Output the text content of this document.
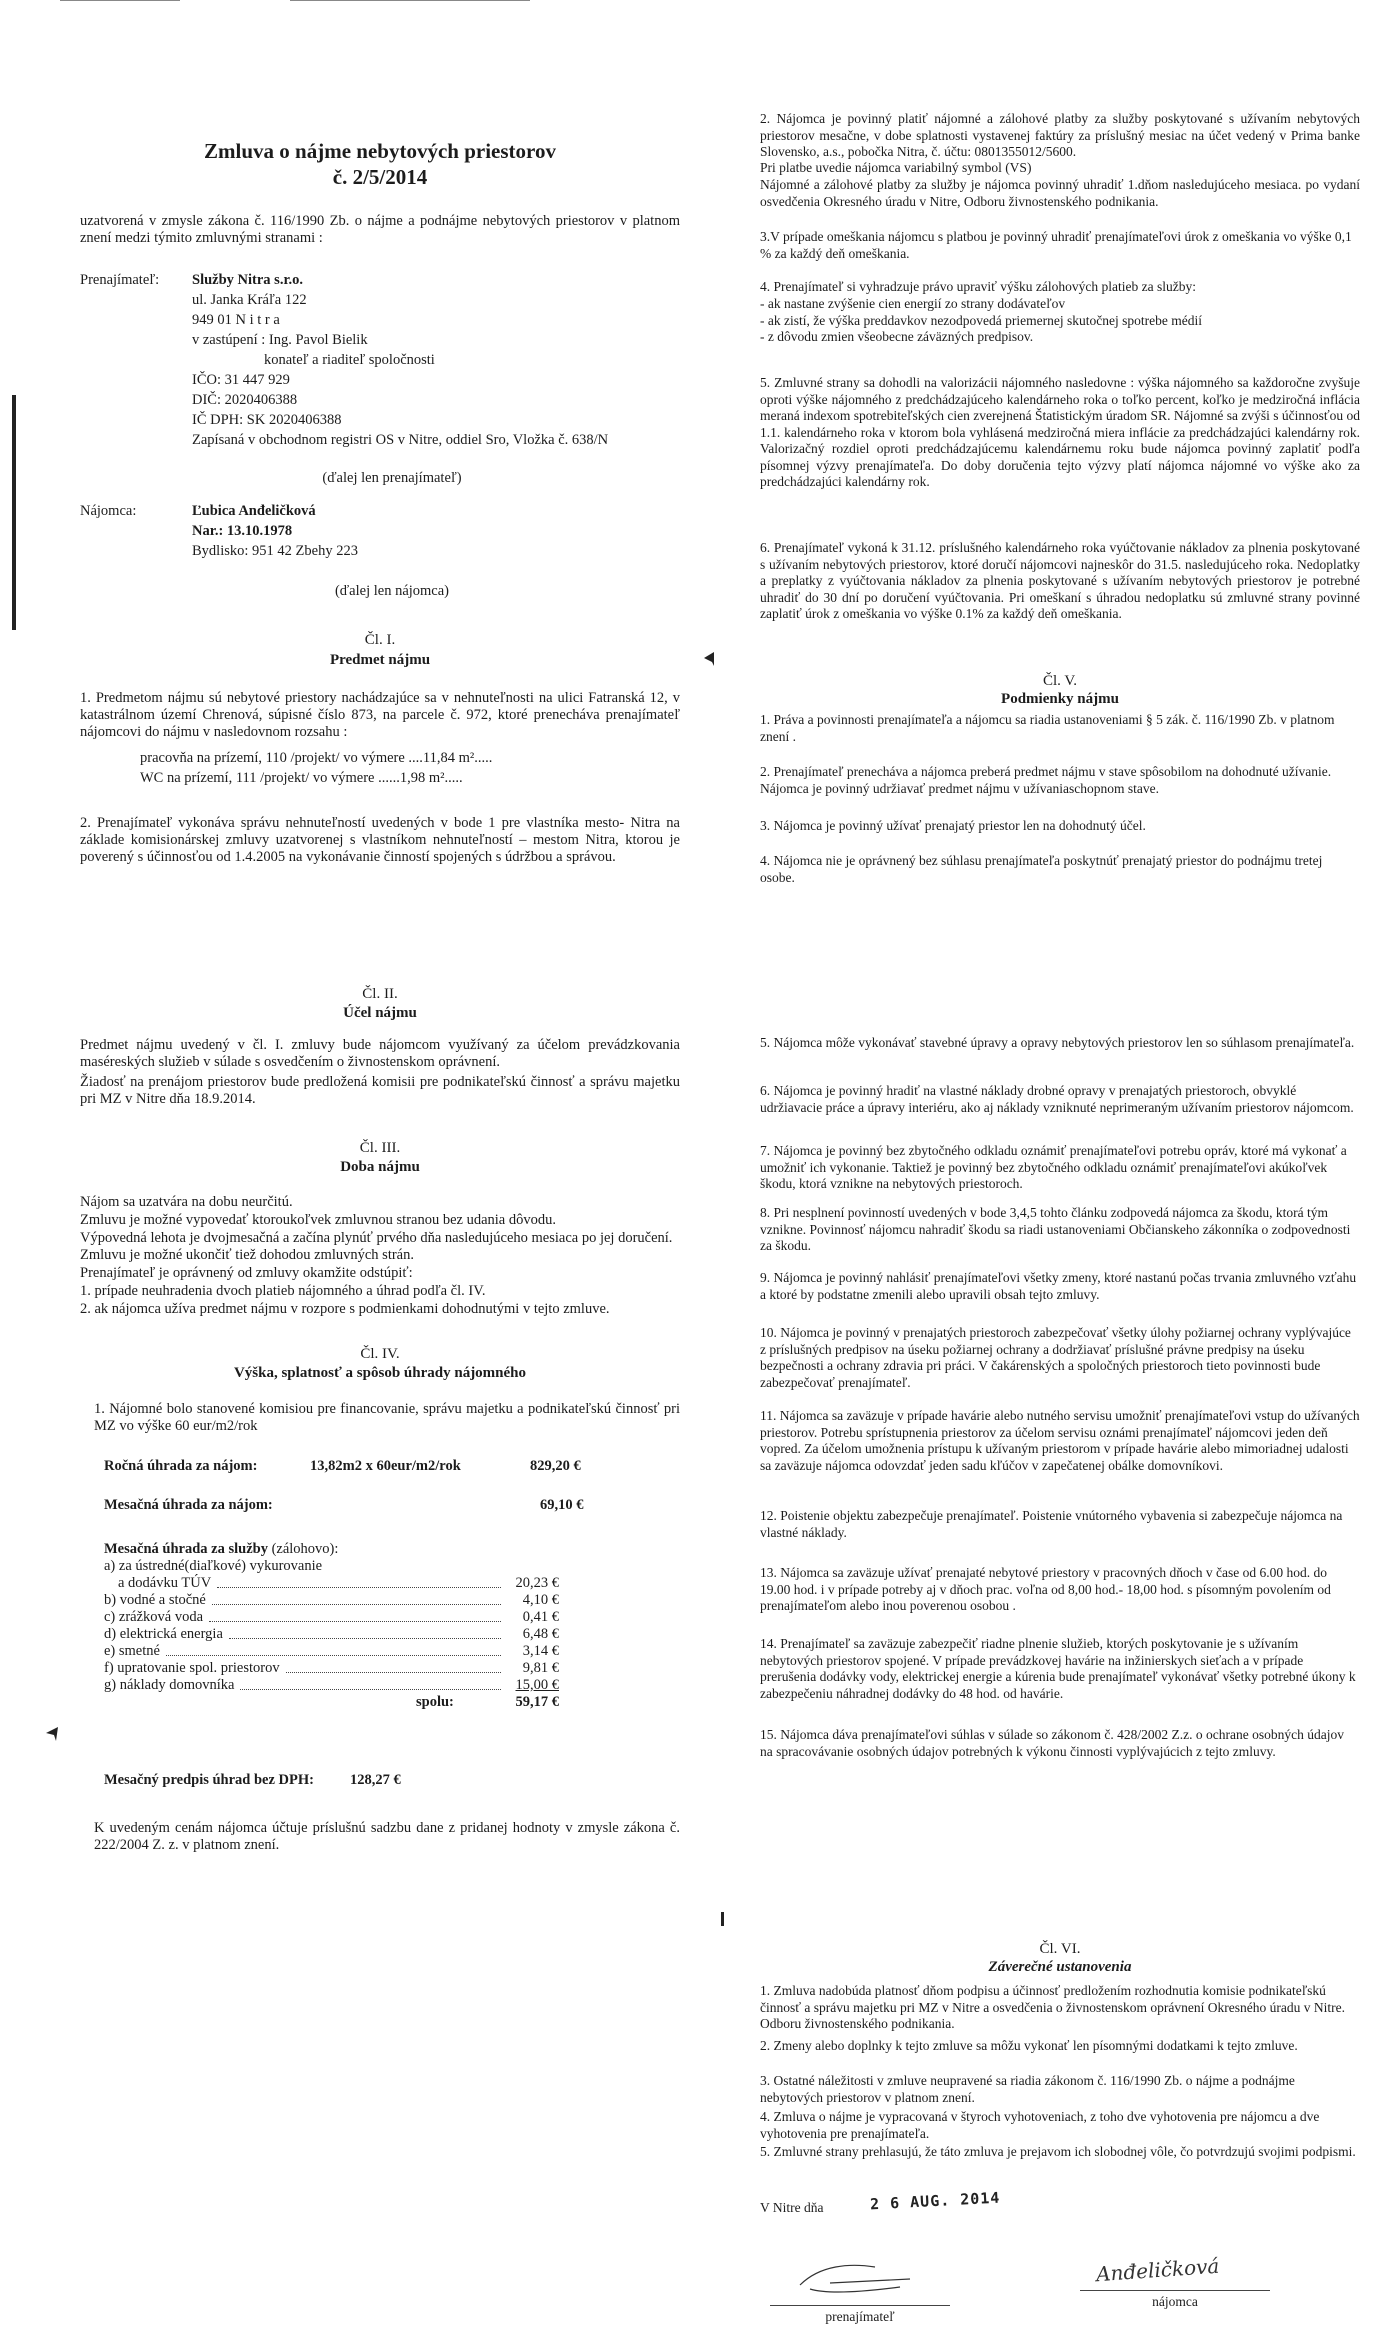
Zmluva o nájme nebytových priestorov

č. 2/5/2014

uzatvorená v zmysle zákona č. 116/1990 Zb. o nájme a podnájme nebytových priestorov v platnom znení medzi týmito zmluvnými stranami :

Prenajímateľ: Služby Nitra s.r.o.

ul. Janka Kráľa 122

949 01 N i t r a

v zastúpení : Ing. Pavol Bielik

konateľ a riaditeľ spoločnosti

IČO: 31 447 929

DIČ: 2020406388

IČ DPH: SK 2020406388

Zapísaná v obchodnom registri OS v Nitre, oddiel Sro, Vložka č. 638/N

(ďalej len prenajímateľ)

Nájomca:	Ľubica Anđeličková

Nar.: 13.10.1978

Bydlisko: 951 42 Zbehy 223

(ďalej len nájomca)

Čl. I.

Predmet nájmu

1. Predmetom nájmu sú nebytové priestory nachádzajúce sa v nehnuteľnosti na ulici Fatranská 12, v katastrálnom území Chrenová, súpisné číslo 873, na parcele č. 972, ktoré prenecháva prenajímateľ nájomcovi do nájmu v nasledovnom rozsahu :

pracovňa na prízemí, 110 /projekt/ vo výmere ....11,84 m².....

WC na prízemí, 111 /projekt/ vo výmere ......1,98 m².....

2. Prenajímateľ vykonáva správu nehnuteľností uvedených v bode 1 pre vlastníka mesto- Nitra na základe komisionárskej zmluvy uzatvorenej s vlastníkom nehnuteľností – mestom Nitra, ktorou je poverený s účinnosťou od 1.4.2005 na vykonávanie činností spojených s údržbou a správou.

Čl. II.

Účel nájmu

Predmet nájmu uvedený v čl. I. zmluvy bude nájomcom využívaný za účelom prevádzkovania maséreských služieb v súlade s osvedčením o živnostenskom oprávnení.

Žiadosť na prenájom priestorov bude predložená komisii pre podnikateľskú činnosť a správu majetku pri MZ v Nitre dňa 18.9.2014.

Čl. III.

Doba nájmu

Nájom sa uzatvára na dobu neurčitú.

Zmluvu je možné vypovedať ktoroukoľvek zmluvnou stranou bez udania dôvodu.

Výpovedná lehota je dvojmesačná a začína plynúť prvého dňa nasledujúceho mesiaca po jej doručení. Zmluvu je možné ukončiť tiež dohodou zmluvných strán.

Prenajímateľ je oprávnený od zmluvy okamžite odstúpiť:

1. prípade neuhradenia dvoch platieb nájomného a úhrad podľa čl. IV.

2. ak nájomca užíva predmet nájmu v rozpore s podmienkami dohodnutými v tejto zmluve.

Čl. IV.

Výška, splatnosť a spôsob úhrady nájomného

1. Nájomné bolo stanovené komisiou pre financovanie, správu majetku a podnikateľskú činnosť pri MZ vo výške 60 eur/m2/rok

Ročná úhrada za nájom:	13,82m2 x 60eur/m2/rok	829,20 €
Mesačná úhrada za nájom:	69,10 €

Mesačná úhrada za služby (zálohovo):

a) za ústredné(diaľkové) vykurovanie

a dodávku TÚV	20,23 €
b) vodné a stočné	4,10 €
c) zrážková voda	0,41 €
d) elektrická energia	6,48 €
e) smetné	3,14 €
f) upratovanie spol. priestorov	9,81 €
g) náklady domovníka	15,00 €
spolu:	59,17 €
Mesačný predpis úhrad bez DPH: 128,27 €

K uvedeným cenám nájomca účtuje príslušnú sadzbu dane z pridanej hodnoty v zmysle zákona č. 222/2004 Z. z. v platnom znení.

2. Nájomca je povinný platiť nájomné a zálohové platby za služby poskytované s užívaním nebytových priestorov mesačne, v dobe splatnosti vystavenej faktúry za príslušný mesiac na účet vedený v Prima banke Slovensko, a.s., pobočka Nitra, č. účtu: 0801355012/5600.

Pri platbe uvedie nájomca variabilný symbol (VS)

Nájomné a zálohové platby za služby je nájomca povinný uhradiť 1.dňom nasledujúceho mesiaca. po vydaní osvedčenia Okresného úradu v Nitre, Odboru živnostenského podnikania.

3.V prípade omeškania nájomcu s platbou je povinný uhradiť prenajímateľovi úrok z omeškania vo výške 0,1 % za každý deň omeškania.

4. Prenajímateľ si vyhradzuje právo upraviť výšku zálohových platieb za služby:

- ak nastane zvýšenie cien energií zo strany dodávateľov

- ak zistí, že výška preddavkov nezodpovedá priemernej skutočnej spotrebe médií

- z dôvodu zmien všeobecne záväzných predpisov.

5. Zmluvné strany sa dohodli na valorizácii nájomného nasledovne : výška nájomného sa každoročne zvyšuje oproti výške nájomného z predchádzajúceho kalendárneho roka o toľko percent, koľko je medziročná inflácia meraná indexom spotrebiteľských cien zverejnená Štatistickým úradom SR. Nájomné sa zvýši s účinnosťou od 1.1. kalendárneho roka v ktorom bola vyhlásená medziročná miera inflácie za predchádzajúci kalendárny rok. Valorizačný rozdiel oproti predchádzajúcemu kalendárnemu roku bude nájomca povinný zaplatiť podľa písomnej výzvy prenajímateľa. Do doby doručenia tejto výzvy platí nájomca nájomné vo výške ako za predchádzajúci kalendárny rok.

6. Prenajímateľ vykoná k 31.12. príslušného kalendárneho roka vyúčtovanie nákladov za plnenia poskytované s užívaním nebytových priestorov, ktoré doručí nájomcovi najneskôr do 31.5. nasledujúceho roka. Nedoplatky a preplatky z vyúčtovania nákladov za plnenia poskytované s užívaním nebytových priestorov je potrebné uhradiť do 30 dní po doručení vyúčtovania. Pri omeškaní s úhradou nedoplatku sú zmluvné strany povinné zaplatiť úrok z omeškania vo výške 0.1% za každý deň omeškania.

Čl. V.

Podmienky nájmu

1. Práva a povinnosti prenajímateľa a nájomcu sa riadia ustanoveniami § 5 zák. č. 116/1990 Zb. v platnom znení .

2. Prenajímateľ prenecháva a nájomca preberá predmet nájmu v stave spôsobilom na dohodnuté užívanie. Nájomca je povinný udržiavať predmet nájmu v užívaniaschopnom stave.

3. Nájomca je povinný užívať prenajatý priestor len na dohodnutý účel.

4. Nájomca nie je oprávnený bez súhlasu prenajímateľa poskytnúť prenajatý priestor do podnájmu tretej osobe.

5. Nájomca môže vykonávať stavebné úpravy a opravy nebytových priestorov len so súhlasom prenajímateľa.

6. Nájomca je povinný hradiť na vlastné náklady drobné opravy v prenajatých priestoroch, obvyklé udržiavacie práce a úpravy interiéru, ako aj náklady vzniknuté neprimeraným užívaním priestorov nájomcom.

7. Nájomca je povinný bez zbytočného odkladu oznámiť prenajímateľovi potrebu opráv, ktoré má vykonať a umožniť ich vykonanie. Taktiež je povinný bez zbytočného odkladu oznámiť prenajímateľovi akúkoľvek škodu, ktorá vznikne na nebytových priestoroch.

8. Pri nesplnení povinností uvedených v bode 3,4,5 tohto článku zodpovedá nájomca za škodu, ktorá tým vznikne. Povinnosť nájomcu nahradiť škodu sa riadi ustanoveniami Občianskeho zákonníka o zodpovednosti za škodu.

9. Nájomca je povinný nahlásiť prenajímateľovi všetky zmeny, ktoré nastanú počas trvania zmluvného vzťahu a ktoré by podstatne zmenili alebo upravili obsah tejto zmluvy.

10. Nájomca je povinný v prenajatých priestoroch zabezpečovať všetky úlohy požiarnej ochrany vyplývajúce z príslušných predpisov na úseku požiarnej ochrany a dodržiavať príslušné právne predpisy na úseku bezpečnosti a ochrany zdravia pri práci. V čakárenských a spoločných priestoroch tieto povinnosti bude zabezpečovať prenajímateľ.

11. Nájomca sa zaväzuje v prípade havárie alebo nutného servisu umožniť prenajímateľovi vstup do užívaných priestorov. Potrebu sprístupnenia priestorov za účelom servisu oznámi prenajímateľ nájomcovi jeden deň vopred. Za účelom umožnenia prístupu k užívaným priestorom v prípade havárie alebo mimoriadnej udalosti sa zaväzuje nájomca odovzdať jeden sadu kľúčov v zapečatenej obálke domovníkovi.

12. Poistenie objektu zabezpečuje prenajímateľ. Poistenie vnútorného vybavenia si zabezpečuje nájomca na vlastné náklady.

13. Nájomca sa zaväzuje užívať prenajaté nebytové priestory v pracovných dňoch v čase od 6.00 hod. do 19.00 hod. i v prípade potreby aj v dňoch prac. voľna od 8,00 hod.- 18,00 hod. s písomným povolením od prenajímateľom alebo inou poverenou osobou .

14. Prenajímateľ sa zaväzuje zabezpečiť riadne plnenie služieb, ktorých poskytovanie je s užívaním nebytových priestorov spojené. V prípade prevádzkovej havárie na inžinierskych sieťach a v prípade prerušenia dodávky vody, elektrickej energie a kúrenia bude prenajímateľ vykonávať všetky potrebné úkony k zabezpečeniu náhradnej dodávky do 48 hod. od havárie.

15. Nájomca dáva prenajímateľovi súhlas v súlade so zákonom č. 428/2002 Z.z. o ochrane osobných údajov na spracovávanie osobných údajov potrebných k výkonu činnosti vyplývajúcich z tejto zmluvy.

Čl. VI.

Záverečné ustanovenia

1. Zmluva nadobúda platnosť dňom podpisu a účinnosť predložením rozhodnutia komisie podnikateľskú činnosť a správu majetku pri MZ v Nitre a osvedčenia o živnostenskom oprávnení Okresného úradu v Nitre. Odboru živnostenského podnikania.

2. Zmeny alebo doplnky k tejto zmluve sa môžu vykonať len písomnými dodatkami k tejto zmluve.

3. Ostatné náležitosti v zmluve neupravené sa riadia zákonom č. 116/1990 Zb. o nájme a podnájme nebytových priestorov v platnom znení.

4. Zmluva o nájme je vypracovaná v štyroch vyhotoveniach, z toho dve vyhotovenia pre nájomcu a dve vyhotovenia pre prenajímateľa.

5. Zmluvné strany prehlasujú, že táto zmluva je prejavom ich slobodnej vôle, čo potvrdzujú svojimi podpismi.

V Nitre dňa	2 6 AUG. 2014

prenajímateľ

Anđeličková

nájomca
